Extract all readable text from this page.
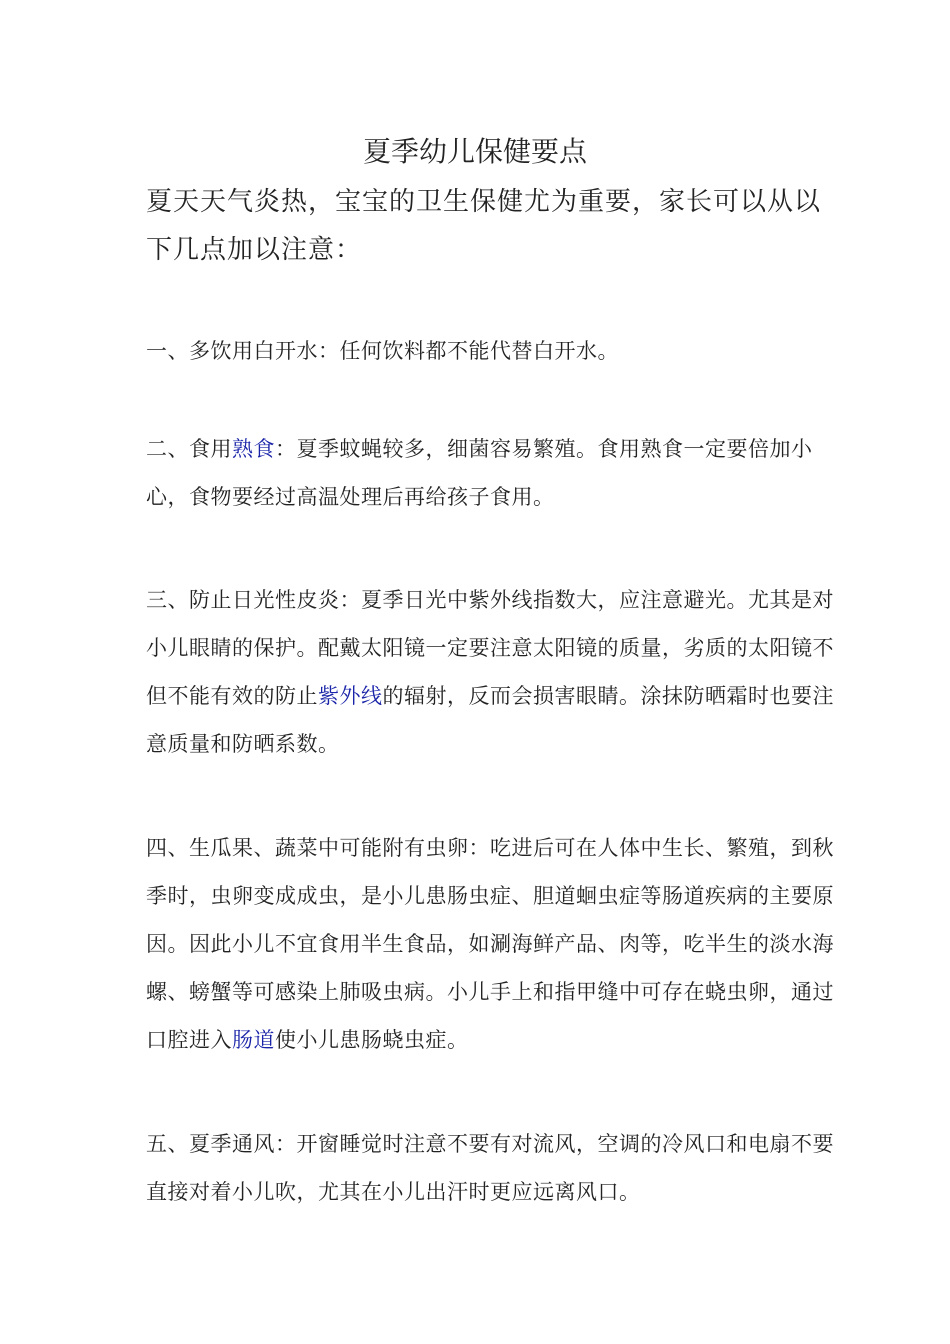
夏季幼儿保健要点

夏天天气炎热，宝宝的卫生保健尤为重要，家长可以从以下几点加以注意：

一、多饮用白开水：任何饮料都不能代替白开水。

二、食用熟食：夏季蚊蝇较多，细菌容易繁殖。食用熟食一定要倍加小心，食物要经过高温处理后再给孩子食用。

三、防止日光性皮炎：夏季日光中紫外线指数大，应注意避光。尤其是对小儿眼睛的保护。配戴太阳镜一定要注意太阳镜的质量，劣质的太阳镜不但不能有效的防止紫外线的辐射，反而会损害眼睛。涂抹防晒霜时也要注意质量和防晒系数。

四、生瓜果、蔬菜中可能附有虫卵：吃进后可在人体中生长、繁殖，到秋季时，虫卵变成成虫，是小儿患肠虫症、胆道蛔虫症等肠道疾病的主要原因。因此小儿不宜食用半生食品，如涮海鲜产品、肉等，吃半生的淡水海螺、螃蟹等可感染上肺吸虫病。小儿手上和指甲缝中可存在蛲虫卵，通过口腔进入肠道使小儿患肠蛲虫症。

五、夏季通风：开窗睡觉时注意不要有对流风，空调的冷风口和电扇不要直接对着小儿吹，尤其在小儿出汗时更应远离风口。
